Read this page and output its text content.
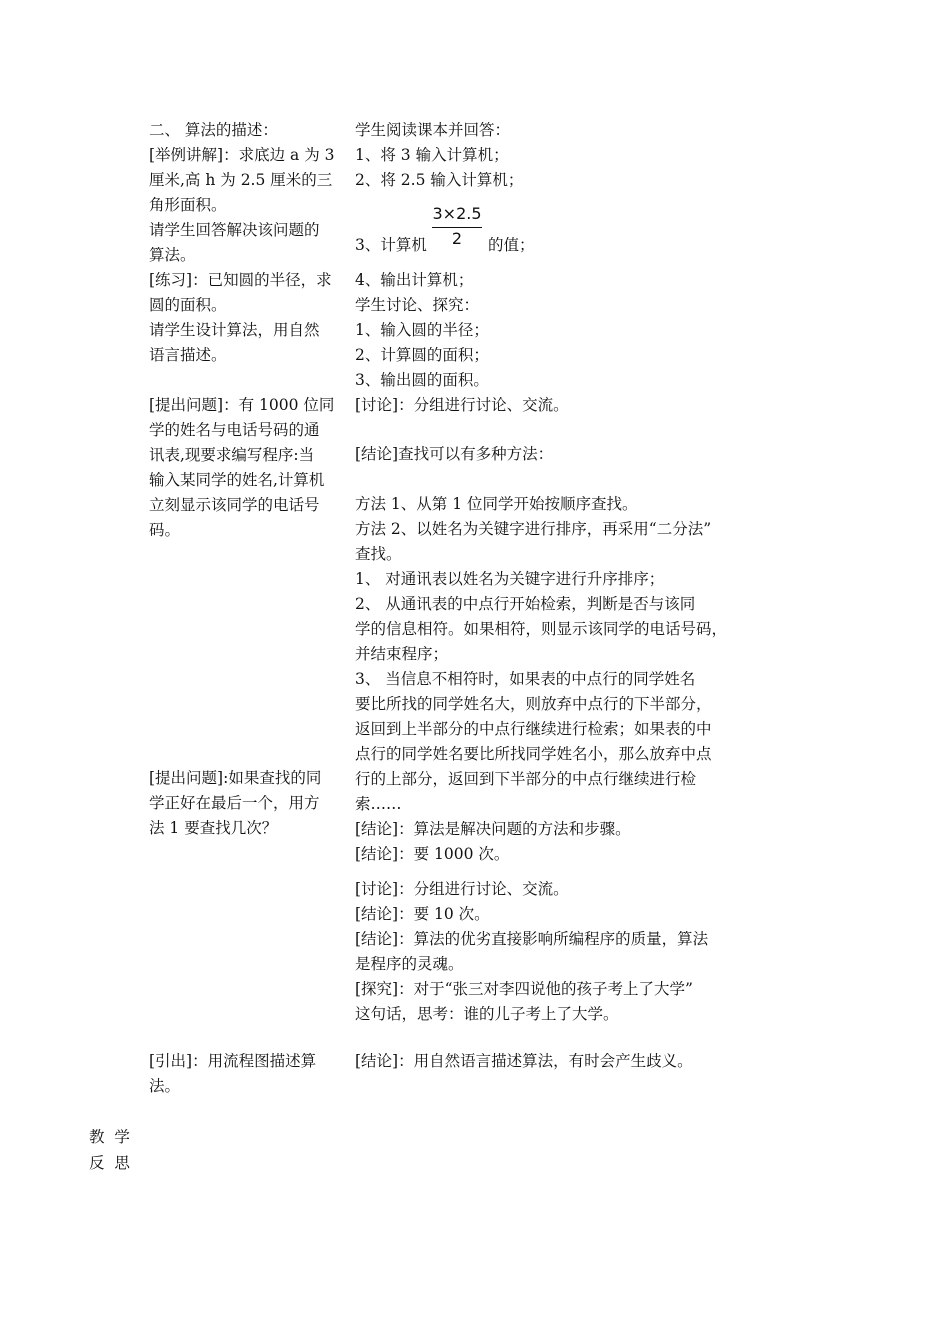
二、 算法的描述：
[举例讲解]：求底边 a 为 3
厘米,高 h 为 2.5 厘米的三
角形面积。
请学生回答解决该问题的
算法。
[练习]：已知圆的半径，求
圆的面积。
请学生设计算法，用自然
语言描述。
[提出问题]：有 1000 位同
学的姓名与电话号码的通
讯表,现要求编写程序:当
输入某同学的姓名,计算机
立刻显示该同学的电话号
码。
[提出问题]:如果查找的同
学正好在最后一个，用方
法 1 要查找几次？
[引出]：用流程图描述算
法。
学生阅读课本并回答：
1、将 3 输入计算机；
2、将 2.5 输入计算机；
3、计算机
3×2.5
2	的值；
4、输出计算机；
学生讨论、探究：
1、输入圆的半径；
2、计算圆的面积；
3、输出圆的面积。
[讨论]：分组进行讨论、交流。
[结论]查找可以有多种方法：
方法 1、从第 1 位同学开始按顺序查找。
方法 2、以姓名为关键字进行排序，再采用“二分法”
查找。
1、 对通讯表以姓名为关键字进行升序排序；
2、 从通讯表的中点行开始检索，判断是否与该同
学的信息相符。如果相符，则显示该同学的电话号码，
并结束程序；
3、 当信息不相符时，如果表的中点行的同学姓名
要比所找的同学姓名大，则放弃中点行的下半部分，
返回到上半部分的中点行继续进行检索；如果表的中
点行的同学姓名要比所找同学姓名小，那么放弃中点
行的上部分，返回到下半部分的中点行继续进行检
索……
[结论]：算法是解决问题的方法和步骤。
[结论]：要 1000 次。
[讨论]：分组进行讨论、交流。
[结论]：要 10 次。
[结论]：算法的优劣直接影响所编程序的质量，算法
是程序的灵魂。
[探究]：对于“张三对李四说他的孩子考上了大学”
这句话，思考：谁的儿子考上了大学。
[结论]：用自然语言描述算法，有时会产生歧义。
教  学
反  思
